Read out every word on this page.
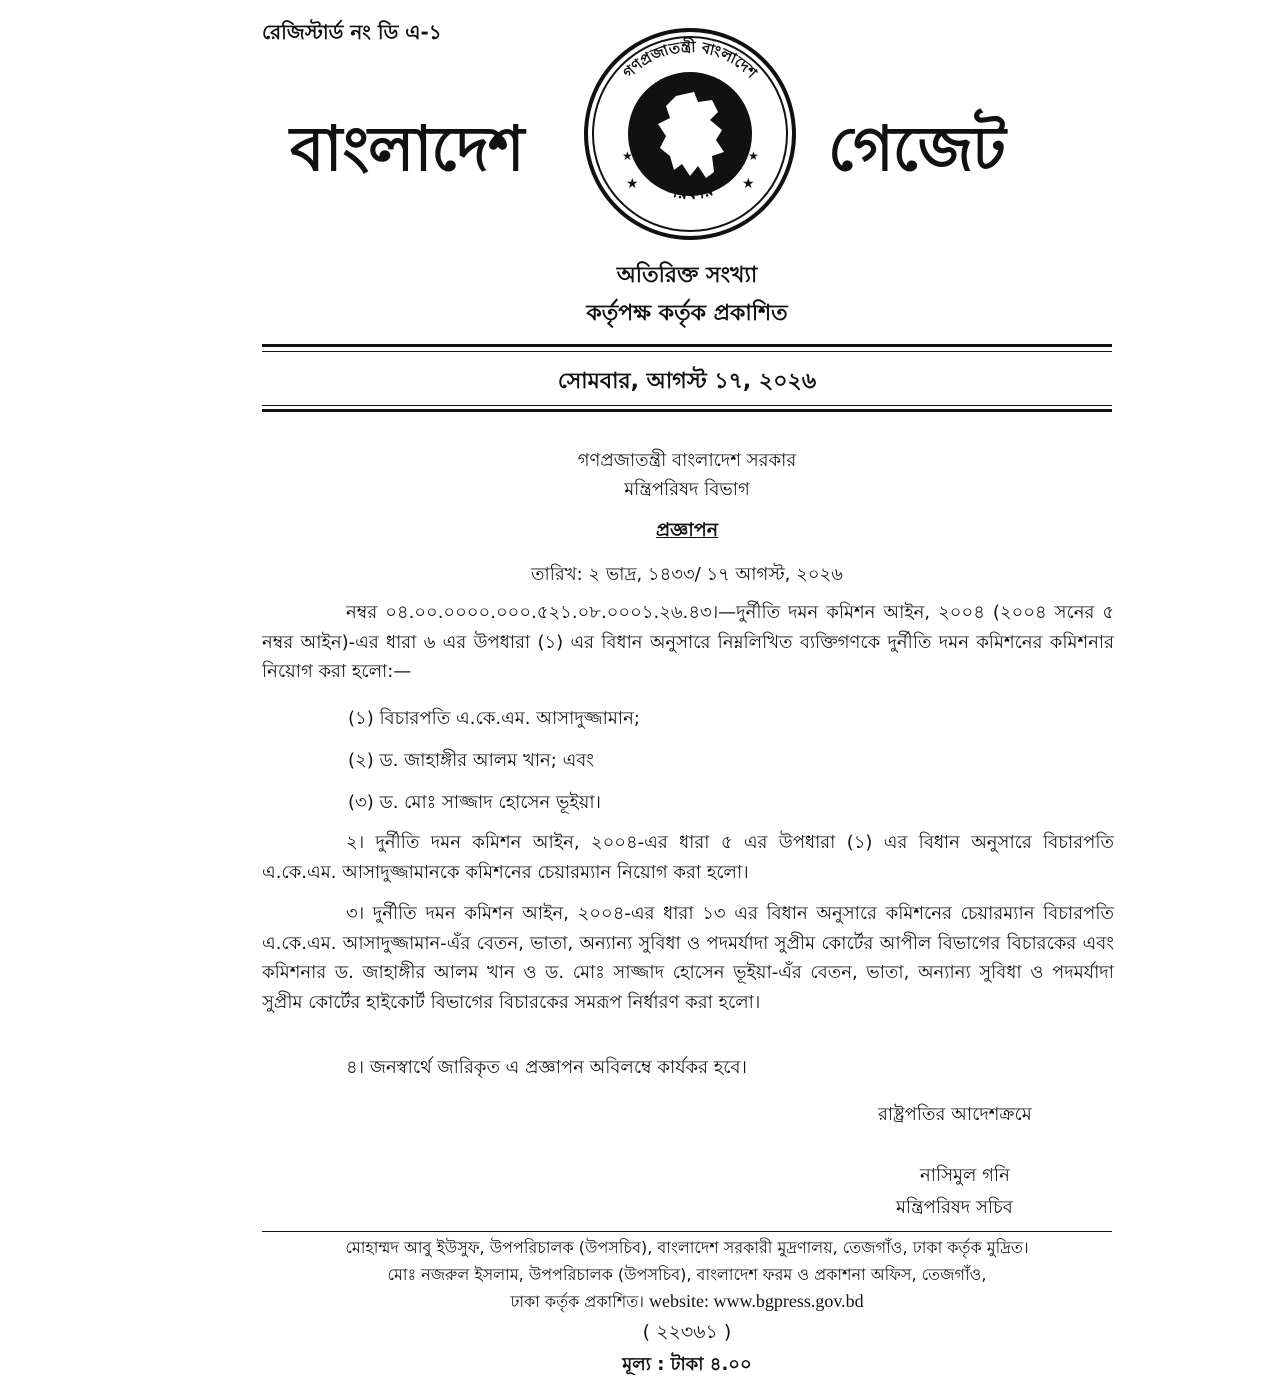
রেজিস্টার্ড নং ডি এ-১
বাংলাদেশ	গেজেট
গণপ্রজাতন্ত্রী বাংলাদেশ
সরকার
★	★
★	★
অতিরিক্ত সংখ্যা
কর্তৃপক্ষ কর্তৃক প্রকাশিত
সোমবার, আগস্ট ১৭, ২০২৬
গণপ্রজাতন্ত্রী বাংলাদেশ সরকার
মন্ত্রিপরিষদ বিভাগ
প্রজ্ঞাপন
তারিখ: ২ ভাদ্র, ১৪৩৩/ ১৭ আগস্ট, ২০২৬
নম্বর ০৪.০০.০০০০.০০০.৫২১.০৮.০০০১.২৬.৪৩।—দুর্নীতি দমন কমিশন আইন, ২০০৪ (২০০৪ সনের ৫ নম্বর আইন)-এর ধারা ৬ এর উপধারা (১) এর বিধান অনুসারে নিম্নলিখিত ব্যক্তিগণকে দুর্নীতি দমন কমিশনের কমিশনার নিয়োগ করা হলো:—
(১) বিচারপতি এ.কে.এম. আসাদুজ্জামান;
(২) ড. জাহাঙ্গীর আলম খান; এবং
(৩) ড. মোঃ সাজ্জাদ হোসেন ভূইয়া।
২। দুর্নীতি দমন কমিশন আইন, ২০০৪-এর ধারা ৫ এর উপধারা (১) এর বিধান অনুসারে বিচারপতি এ.কে.এম. আসাদুজ্জামানকে কমিশনের চেয়ারম্যান নিয়োগ করা হলো।
৩। দুর্নীতি দমন কমিশন আইন, ২০০৪-এর ধারা ১৩ এর বিধান অনুসারে কমিশনের চেয়ারম্যান বিচারপতি এ.কে.এম. আসাদুজ্জামান-এঁর বেতন, ভাতা, অন্যান্য সুবিধা ও পদমর্যাদা সুপ্রীম কোর্টের আপীল বিভাগের বিচারকের এবং কমিশনার ড. জাহাঙ্গীর আলম খান ও ড. মোঃ সাজ্জাদ হোসেন ভূইয়া-এঁর বেতন, ভাতা, অন্যান্য সুবিধা ও পদমর্যাদা সুপ্রীম কোর্টের হাইকোর্ট বিভাগের বিচারকের সমরূপ নির্ধারণ করা হলো।
৪। জনস্বার্থে জারিকৃত এ প্রজ্ঞাপন অবিলম্বে কার্যকর হবে।
রাষ্ট্রপতির আদেশক্রমে
নাসিমুল গনি
মন্ত্রিপরিষদ সচিব
মোহাম্মদ আবু ইউসুফ, উপপরিচালক (উপসচিব), বাংলাদেশ সরকারী মুদ্রণালয়, তেজগাঁও, ঢাকা কর্তৃক মুদ্রিত।
মোঃ নজরুল ইসলাম, উপপরিচালক (উপসচিব), বাংলাদেশ ফরম ও প্রকাশনা অফিস, তেজগাঁও,
ঢাকা কর্তৃক প্রকাশিত। website: www.bgpress.gov.bd
( ২২৩৬১ )
মূল্য : টাকা ৪.০০
